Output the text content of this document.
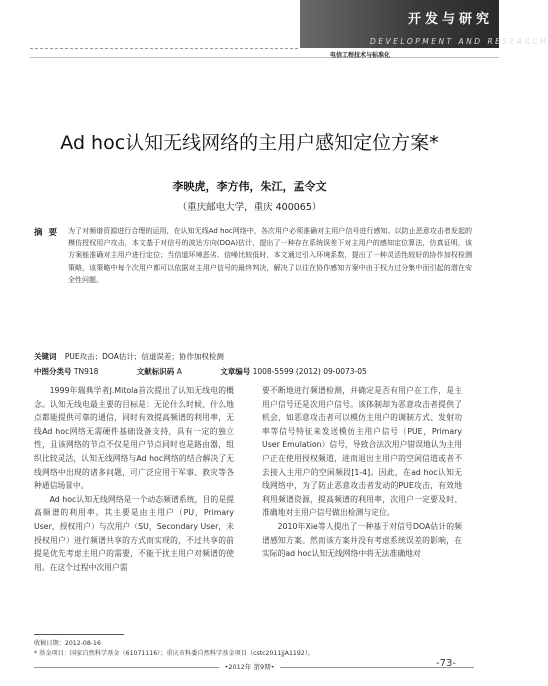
开发与研究
DEVELOPMENT AND RESEARCH
电信工程技术与标准化
Ad hoc认知无线网络的主用户感知定位方案*
李映虎，李方伟，朱江，孟令文
（重庆邮电大学，重庆 400065）
摘要 为了对频谱资源进行合理的运用，在认知无线Ad hoc网络中，各次用户必须准确对主用户信号进行感知。以防止恶意攻击者发起的模仿授权用户攻击，本文基于对信号的波达方向(DOA)估计，提出了一种存在系统误差下对主用户的感知定位算法，仿真证明，该方案能准确对主用户进行定位；当信道环境恶劣、信噪比较低时，本文通过引入环境系数，提出了一种灵活性较好的协作加权检测策略，该策略中每个次用户都可以依据对主用户信号的最终判决，解决了以往在协作感知方案中由于权力过分集中而引起的潜在安全性问题。
关键词 PUE攻击；DOA估计；信道误差；协作加权检测
中图分类号 TN918	文献标识码 A	文章编号 1008-5599 (2012) 09-0073-05

1999年瑞典学者J.Mitola首次提出了认知无线电的概念。认知无线电最主要的目标是：无论什么时候、什么地点都能提供可靠的通信，同时有效提高频谱的利用率，无线Ad hoc网络无需硬件基础设备支持，具有一定的独立性，且该网络的节点不仅是用户节点同时也是路由器，组织比较灵活，认知无线网络与Ad hoc网络的结合解决了无线网络中出现的诸多问题，可广泛应用于军事、救灾等各种通信场景中。

Ad hoc认知无线网络是一个动态频谱系统，目的是提高频谱的利用率。其主要是由主用户（PU，Primary User，授权用户）与次用户（SU，Secondary User，未授权用户）进行频谱共享的方式而实现的，不过共享的前提是优先考虑主用户的需要，不能干扰主用户对频谱的使用。在这个过程中次用户需

要不断地进行频谱检测，并确定是否有用户在工作，是主用户信号还是次用户信号。该体制却为恶意攻击者提供了机会，如恶意攻击者可以模仿主用户的调制方式、发射功率等信号特征来发送模仿主用户信号（PUE，Primary User Emulation）信号，导致合法次用户错误地认为主用户正在使用授权频道，进而退出主用户的空闲信道或者不去接入主用户的空闲频段[1-4]。因此，在ad hoc认知无线网络中，为了防止恶意攻击者发动的PUE攻击，有效地利用频谱资源，提高频谱的利用率，次用户一定要及时、准确地对主用户信号做出检测与定位。

2010年Xie等人提出了一种基于对信号DOA估计的频谱感知方案。然而该方案并没有考虑系统误差的影响，在实际的ad hoc认知无线网络中将无法准确地对

收稿日期：2012-08-16
* 基金项目：国家自然科学基金（61071116）；重庆市科委自然科学基金项目（cstc2011jjA1192）。
•2012年 第9期•	-73-
